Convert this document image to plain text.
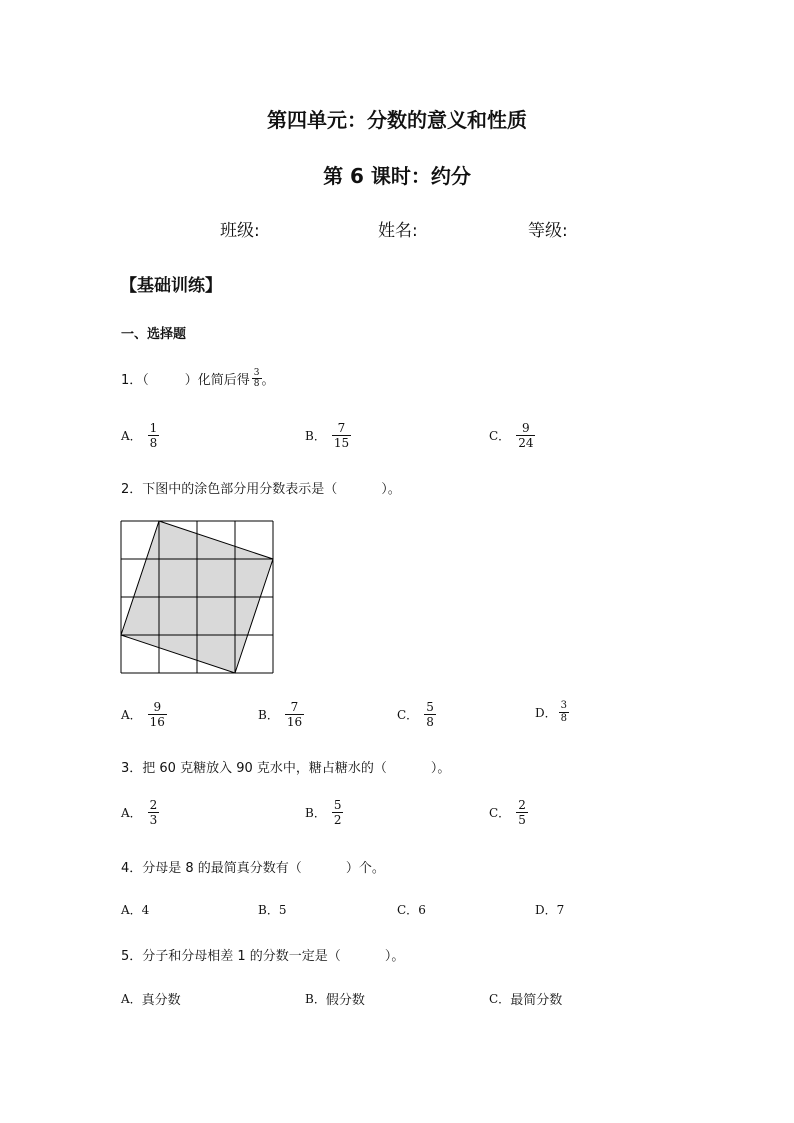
第四单元：分数的意义和性质
第 6 课时：约分
班级:	姓名:	等级:
【基础训练】
一、选择题
1．（	）化简后得 $\frac{3}{8}$ 。
A． $\frac{1}{8}$	B． $\frac{7}{15}$	C． $\frac{9}{24}$
2．下图中的涂色部分用分数表示是（	）。
A． $\frac{9}{16}$	B． $\frac{7}{16}$	C． $\frac{5}{8}$	D． $\frac{3}{8}$
3．把 60 克糖放入 90 克水中，糖占糖水的（	）。
A． $\frac{2}{3}$	B． $\frac{5}{2}$	C． $\frac{2}{5}$
4．分母是 8 的最简真分数有（	）个。
A． 4	B． 5	C． 6	D． 7
5．分子和分母相差 1 的分数一定是（	）。
A． 真分数	B． 假分数	C． 最简分数
